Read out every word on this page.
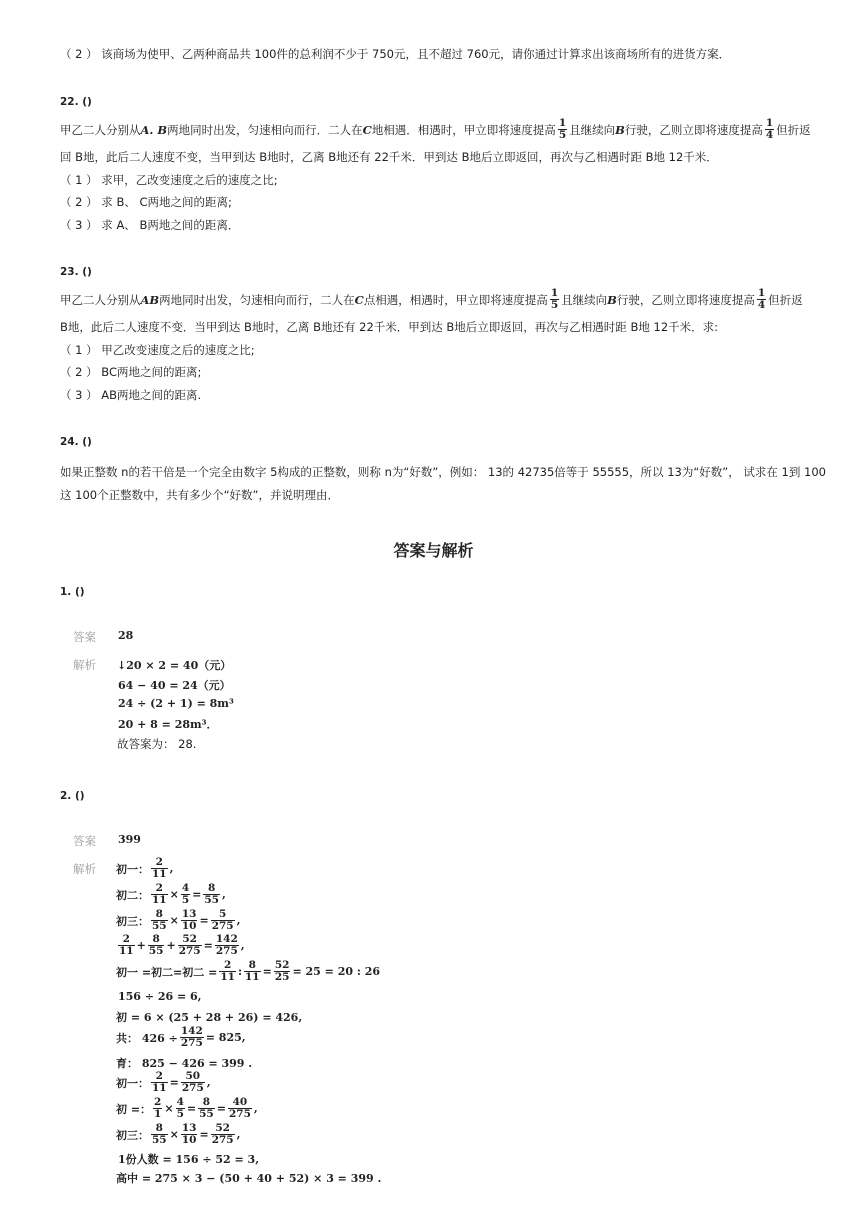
（ 2 ） 该商场为使甲、乙两种商品共 100件的总利润不少于 750元，且不超过 760元，请你通过计算求出该商场所有的进货方案．
22. ()
甲乙二人分别从 A. B 两地同时出发，匀速相向而行．二人在 C 地相遇．相遇时，甲立即将速度提高 $\frac{1}{5}$ 且继续向 B 行驶，乙则立即将速度提高 $\frac{1}{4}$ 但折返
回 B地，此后二人速度不变，当甲到达 B地时，乙离 B地还有 22千米．甲到达 B地后立即返回，再次与乙相遇时距 B地 12千米．
（ 1 ） 求甲，乙改变速度之后的速度之比;
（ 2 ） 求 B、 C两地之间的距离;
（ 3 ） 求 A、 B两地之间的距离．
23. ()
甲乙二人分别从 AB 两地同时出发，匀速相向而行，二人在 C 点相遇，相遇时，甲立即将速度提高 $\frac{1}{5}$ 且继续向 B 行驶，乙则立即将速度提高 $\frac{1}{4}$ 但折返
B地，此后二人速度不变．当甲到达 B地时，乙离 B地还有 22千米．甲到达 B地后立即返回，再次与乙相遇时距 B地 12千米．求:
（ 1 ） 甲乙改变速度之后的速度之比;
（ 2 ） BC两地之间的距离;
（ 3 ） AB两地之间的距离.
24. ()
如果正整数 n的若干倍是一个完全由数字 5构成的正整数，则称 n为“好数”，例如： 13的 42735倍等于 55555，所以 13为“好数”， 试求在 1到 100
这 100个正整数中，共有多少个“好数”，并说明理由．
答案与解析
1. ()
答案 28
解析 ↓20 × 2 = 40（元）
64 − 40 = 24（元）
24 ÷ (2 + 1) = 8m³
20 + 8 = 28m³．
故答案为： 28.
2. ()
答案 399
解析 初一： $\frac{2}{11}$ ,
初二： $\frac{2}{11} \times \frac{4}{5} = \frac{8}{55}$ ,
初三： $\frac{8}{55} \times \frac{13}{10} = \frac{5}{275}$ ,
$\frac{2}{11} + \frac{8}{55} + \frac{52}{275} = \frac{142}{275}$ ,
初一 =初二=初二 = $\frac{2}{11}$ : $\frac{8}{11} = \frac{52}{25} = 25 = 20$ : 26
156 ÷ 26 = 6,
初 = 6 × (25 + 28 + 26) = 426,
共： $426 \div \frac{142}{275} = 825$,
育： 825 − 426 = 399 .
初一： $\frac{2}{11} = \frac{50}{275}$ ,
初 =： $\frac{2}{1} \times \frac{4}{5} = \frac{8}{55} = \frac{40}{275}$ ,
初三： $\frac{8}{55} \times \frac{13}{10} = \frac{52}{275}$ ,
1份人数 = 156 ÷ 52 = 3,
高中 = 275 × 3 − (50 + 40 + 52) × 3 = 399 .
